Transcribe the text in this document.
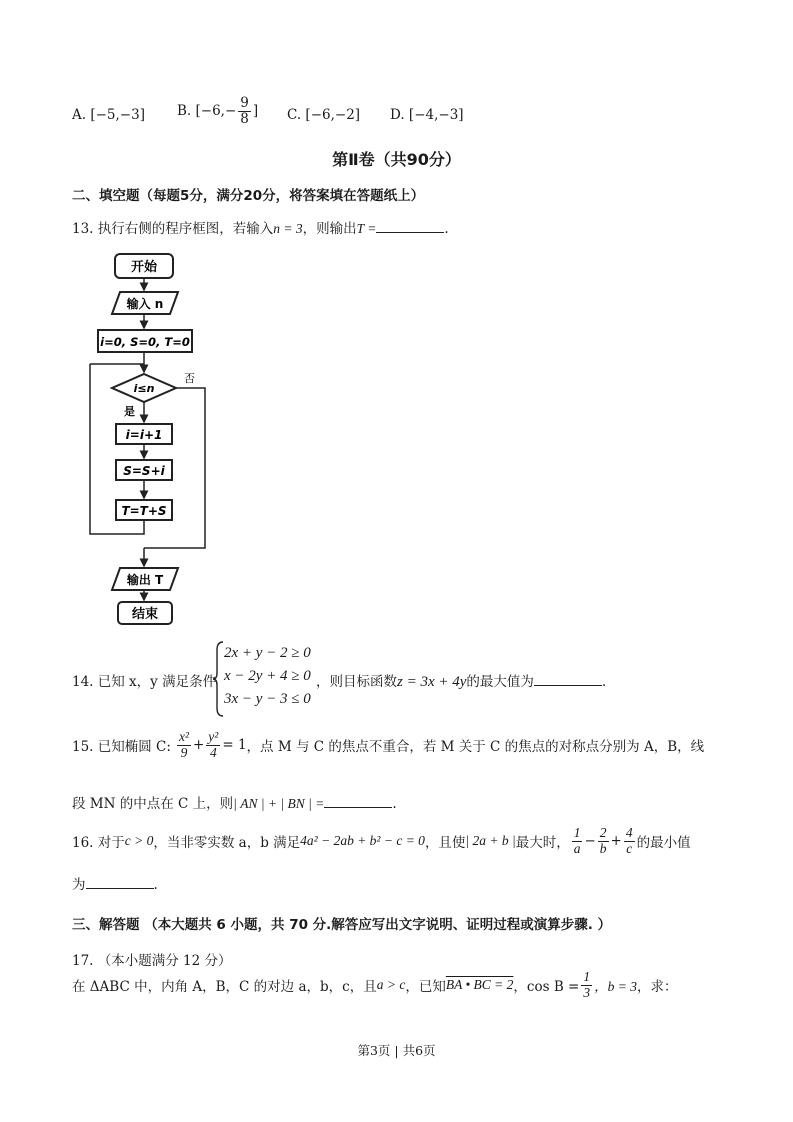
A. [−5,−3] B. [$-6,- \frac{9}{8}$ ] C. [−6,−2] D. [−4,−3]
第Ⅱ卷（共90分）
二、填空题（每题5分，满分20分，将答案填在答题纸上）
13. 执行右侧的程序框图，若输入n = 3，则输出T =	.
开始
输入 n
i=0, S=0, T=0
i≤n
否
是
i=i+1
S=S+i
T=T+S
输出 T
结束
14. 已知 x，y 满足条件
2x + y − 2 ≥ 0
x − 2y + 4 ≥ 0
3x − y − 3 ≤ 0
，则目标函数z = 3x + 4y的最大值为	.
15. 已知椭圆 C: $\frac{\text{x²}}{9} + \frac{\text{y²}}{4} = 1$ ，点 M 与 C 的焦点不重合，若 M 关于 C 的焦点的对称点分别为 A，B，线
段 MN 的中点在 C 上，则| AN | + | BN | =	.
16. 对于 c > 0 ，当非零实数 a，b 满足 4a² − 2ab + b² − c = 0 ，且使 | 2a + b | 最大时， $\frac{1}{a} - \frac{2}{b} + \frac{4}{c}$ 的最小值
为	.
三、解答题 （本大题共 6 小题，共 70 分.解答应写出文字说明、证明过程或演算步骤. ）
17. （本小题满分 12 分）
在 ΔABC 中，内角 A，B，C 的对边 a，b，c，且 a > c ，已知 BA • BC = 2 ，$\cos B = \frac{1}{3}$ ，b = 3 ，求：
第3页 | 共6页
